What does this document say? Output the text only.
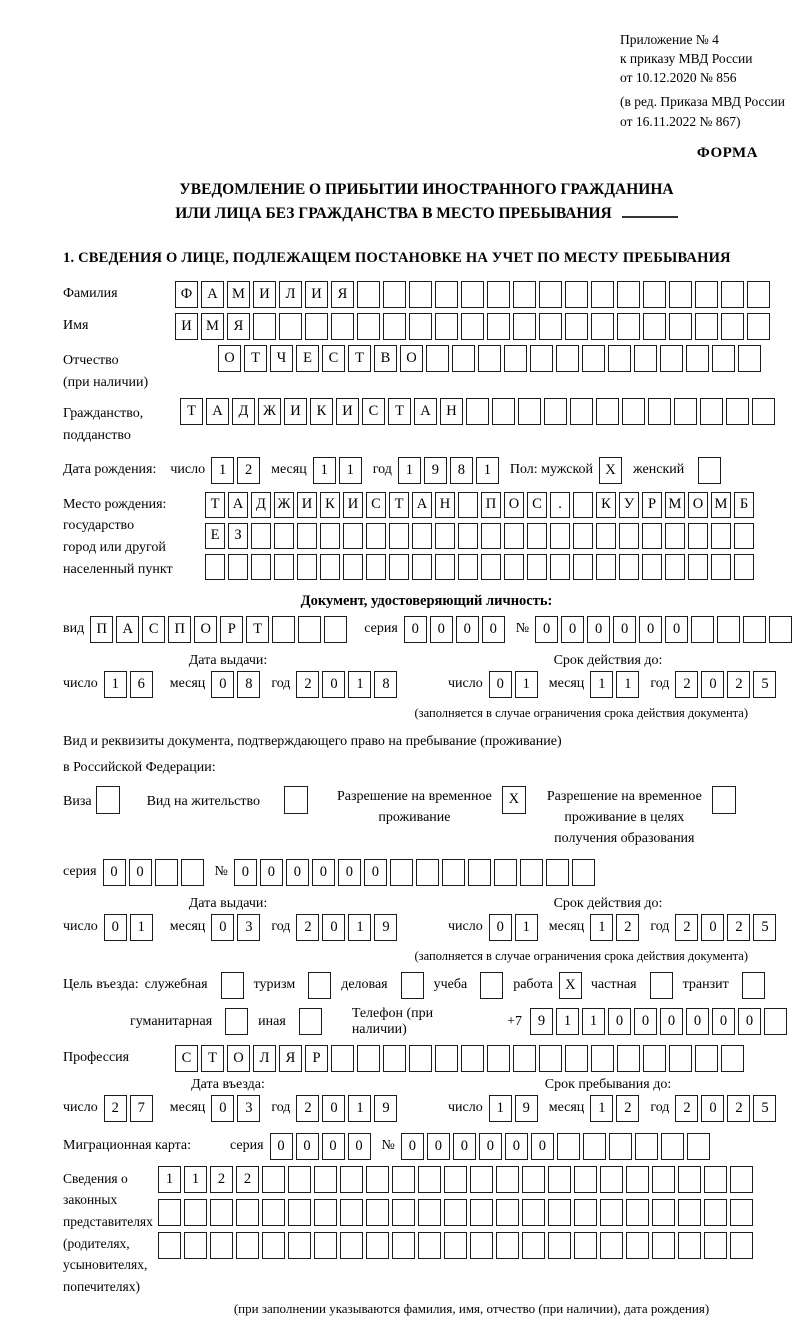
Приложение № 4
к приказу МВД России
от 10.12.2020 № 856
(в ред. Приказа МВД России
от 16.11.2022 № 867)
ФОРМА
УВЕДОМЛЕНИЕ О ПРИБЫТИИ ИНОСТРАННОГО ГРАЖДАНИНА
ИЛИ ЛИЦА БЕЗ ГРАЖДАНСТВА В МЕСТО ПРЕБЫВАНИЯ
1. СВЕДЕНИЯ О ЛИЦЕ, ПОДЛЕЖАЩЕМ ПОСТАНОВКЕ НА УЧЕТ ПО МЕСТУ ПРЕБЫВАНИЯ
Фамилия	Ф	А М И	Л	И	Я
Имя	И М	Я
Отчество
(при наличии)
О	Т	Ч	Е	С	Т	В	О
Гражданство,
подданство
Т	А	Д	Ж И	К	И	С	Т	А	Н
Дата рождения:	число 1	2	месяц 1	1	год 1	9	8	1	Пол: мужской X	женский
Место рождения:
государство
город или другой
населенный пункт
Т А Д Ж И К И С Т А Н	П О С	.	К У Р М О М Б
Е	З
Документ, удостоверяющий личность:
вид П	А	С	П	О	Р	Т	серия 0	0	0	0	№ 0	0	0	0	0	0
Дата выдачи:
число 1	6	месяц 0	8	год 2	0	1	8
Срок действия до:
число 0	1	месяц 1	1	год 2	0	2	5
(заполняется в случае ограничения срока действия документа)
Вид и реквизиты документа, подтверждающего право на пребывание (проживание)
в Российской Федерации:
Виза	Вид на жительство	Разрешение на временное
проживание
X	Разрешение на временное
проживание в целях
получения образования
серия 0	0	№ 0	0	0	0	0	0
Дата выдачи:
число 0	1	месяц 0	3	год 2	0	1	9
Срок действия до:
число 0	1	месяц 1	2	год 2	0	2	5
(заполняется в случае ограничения срока действия документа)
Цель въезда: служебная	туризм	деловая	учеба	работа X	частная	транзит
гуманитарная	иная
Телефон (при наличии)
+7	9	1	1	0	0	0	0	0	0
Профессия	С	Т	О	Л	Я	Р
Дата въезда:
число 2	7	месяц 0	3	год 2	0	1	9
Срок пребывания до:
число 1	9	месяц 1	2	год 2	0	2	5
Миграционная карта:	серия 0	0	0	0	№ 0	0	0	0	0	0
Сведения о
законных
представителях
(родителях,
усыновителях,
попечителях)
1	1	2	2
(при заполнении указываются фамилия, имя, отчество (при наличии), дата рождения)
